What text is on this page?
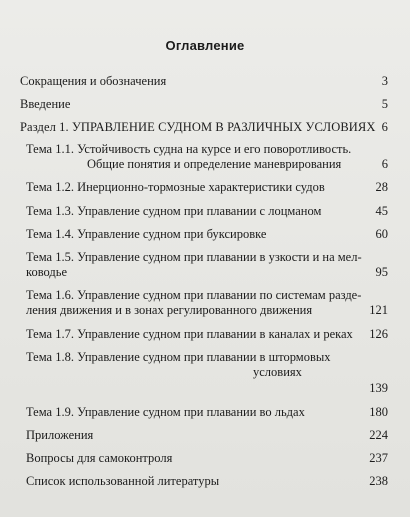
Оглавление
Сокращения и обозначения	3
Введение	5
Раздел 1. УПРАВЛЕНИЕ СУДНОМ В РАЗЛИЧНЫХ УСЛОВИЯХ 6
Тема 1.1. Устойчивость судна на курсе и его поворотливость.
Общие понятия и определение маневрирования	6
Тема 1.2. Инерционно-тормозные характеристики судов	28
Тема 1.3. Управление судном при плавании с лоцманом	45
Тема 1.4. Управление судном при буксировке	60
Тема 1.5. Управление судном при плавании в узкости и на мел-
ководье	95
Тема 1.6. Управление судном при плавании по системам разде-
ления движения и в зонах регулированного движения	121
Тема 1.7. Управление судном при плавании в каналах и реках 126
Тема 1.8. Управление судном при плавании в штормовых
условиях
139
Тема 1.9. Управление судном при плавании во льдах	180
Приложения	224
Вопросы для самоконтроля	237
Список использованной литературы	238
